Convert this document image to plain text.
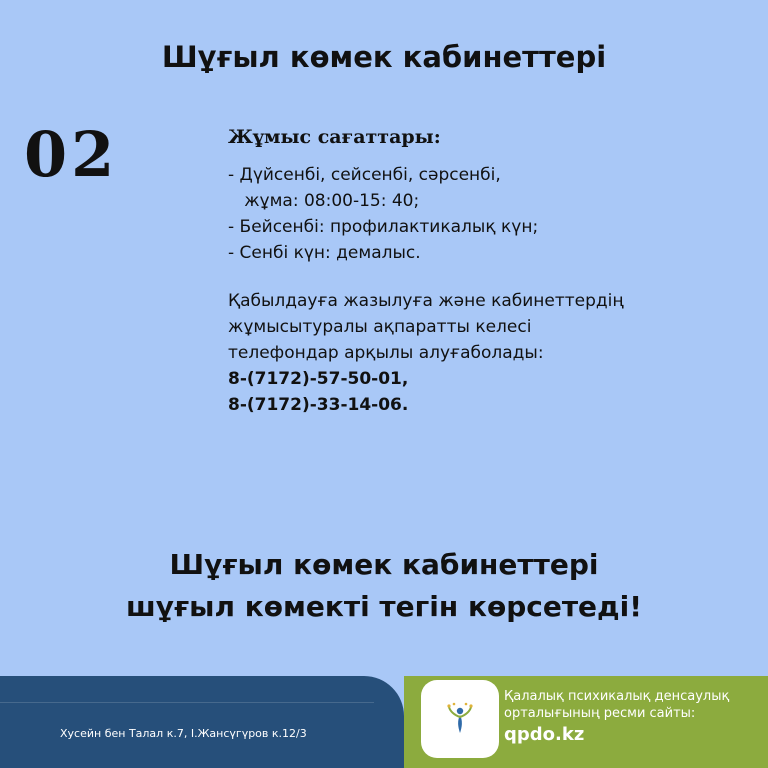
Шұғыл көмек кабинеттері
02	Жұмыс сағаттары:
- Дүйсенбі, сейсенбі, сәрсенбі,
жұма: 08:00-15: 40;
- Бейсенбі: профилактикалық күн;
- Сенбі күн: демалыс.
Қабылдауға жазылуға және кабинеттердің
жұмысытуралы ақпаратты келесі
телефондар арқылы алуғаболады:
8-(7172)-57-50-01,
8-(7172)-33-14-06.
Шұғыл көмек кабинеттері
шұғыл көмекті тегін көрсетеді!
Хусейн бен Талал к.7, І.Жансүгүров к.12/3
Қалалық психикалық денсаулық орталығының ресми сайты:
qpdo.kz
